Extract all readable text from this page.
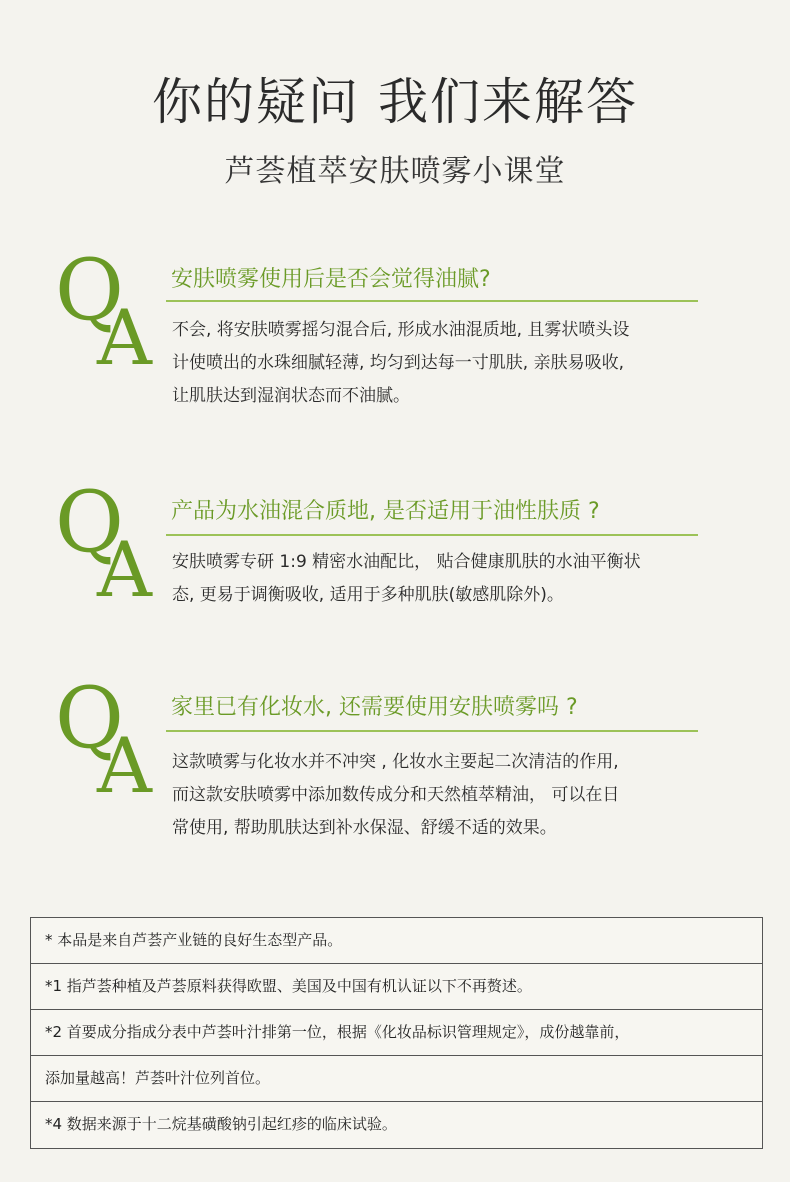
你的疑问 我们来解答
芦荟植萃安肤喷雾小课堂
Q
A
安肤喷雾使用后是否会觉得油腻?
不会, 将安肤喷雾摇匀混合后, 形成水油混质地, 且雾状喷头设
计使喷出的水珠细腻轻薄, 均匀到达每一寸肌肤, 亲肤易吸收,
让肌肤达到湿润状态而不油腻。
Q
A
产品为水油混合质地, 是否适用于油性肤质 ?
安肤喷雾专研 1:9 精密水油配比， 贴合健康肌肤的水油平衡状
态, 更易于调衡吸收, 适用于多种肌肤(敏感肌除外)。
Q
A
家里已有化妆水, 还需要使用安肤喷雾吗 ?
这款喷雾与化妆水并不冲突 , 化妆水主要起二次清洁的作用,
而这款安肤喷雾中添加数传成分和天然植萃精油， 可以在日
常使用, 帮助肌肤达到补水保湿、舒缓不适的效果。
* 本品是来自芦荟产业链的良好生态型产品。
*1 指芦荟种植及芦荟原料获得欧盟、美国及中国有机认证以下不再赘述。
*2 首要成分指成分表中芦荟叶汁排第一位，根据《化妆品标识管理规定》，成份越靠前，
添加量越高！芦荟叶汁位列首位。
*4 数据来源于十二烷基磺酸钠引起红疹的临床试验。
